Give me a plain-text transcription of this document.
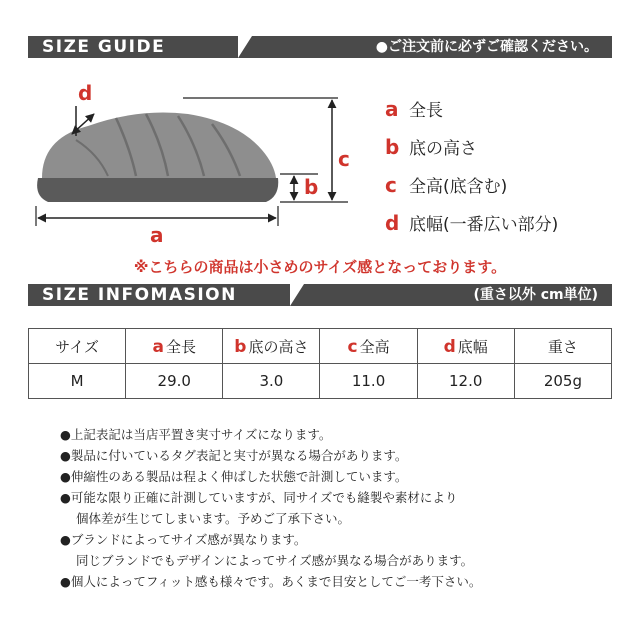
SIZE GUIDE	●ご注文前に必ずご確認ください。
d
c
b
a
a 全長
b 底の高さ
c 全高(底含む)
d 底幅(一番広い部分)
※こちらの商品は小さめのサイズ感となっております。
SIZE INFOMASION	(重さ以外 cm単位)
サイズ	a 全長	b 底の高さ	c 全高	d 底幅	重さ
M	29.0	3.0	11.0	12.0	205g
●上記表記は当店平置き実寸サイズになります。
●製品に付いているタグ表記と実寸が異なる場合があります。
●伸縮性のある製品は程よく伸ばした状態で計測しています。
●可能な限り正確に計測していますが、同サイズでも縫製や素材により
個体差が生じてしまいます。予めご了承下さい。
●ブランドによってサイズ感が異なります。
同じブランドでもデザインによってサイズ感が異なる場合があります。
●個人によってフィット感も様々です。あくまで目安としてご一考下さい。
